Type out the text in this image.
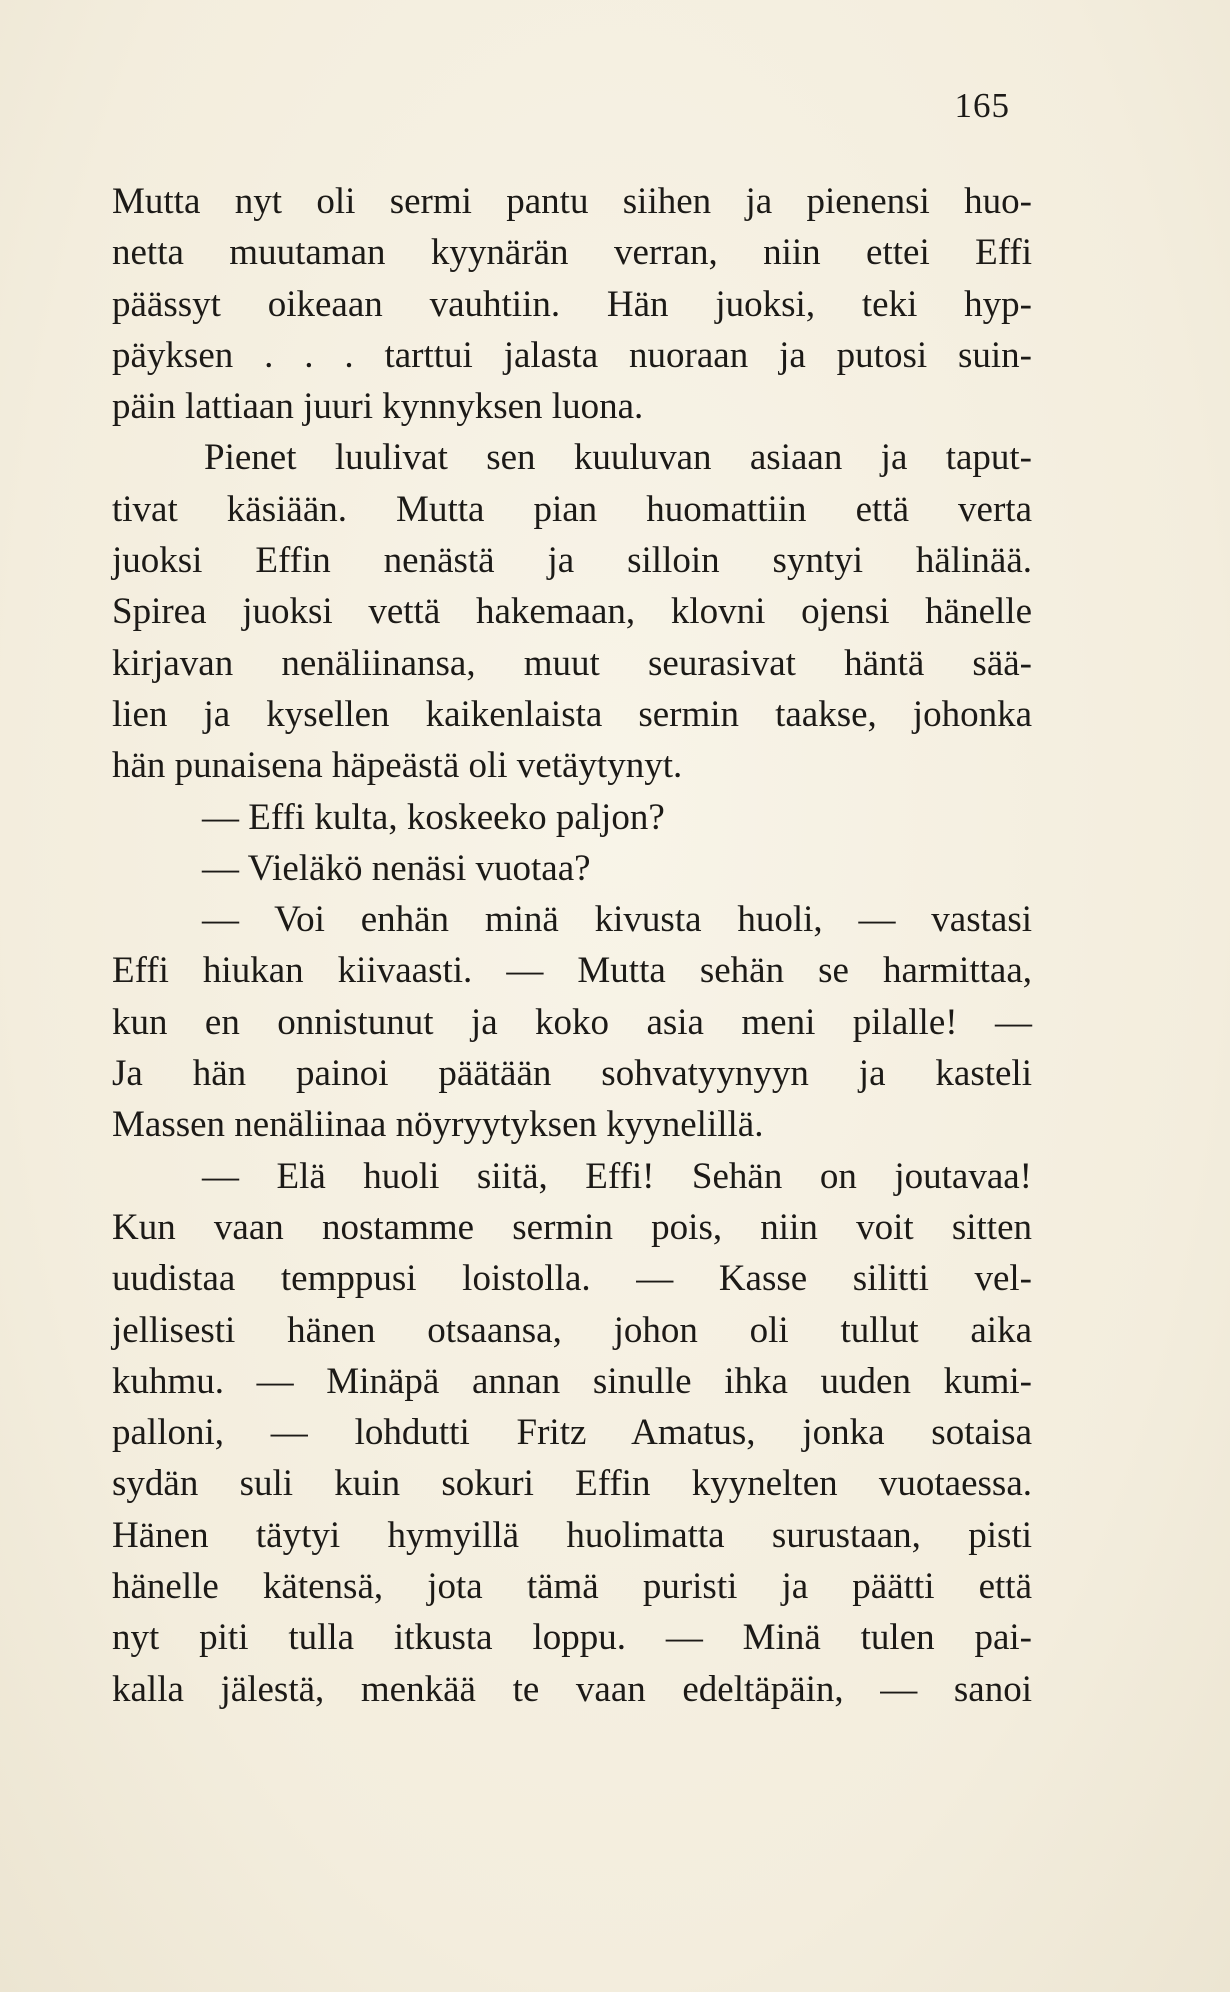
165
Mutta nyt oli sermi pantu siihen ja pienensi huo-
netta muutaman kyynärän verran, niin ettei Effi
päässyt oikeaan vauhtiin. Hän juoksi, teki hyp-
päyksen . . . tarttui jalasta nuoraan ja putosi suin-
päin lattiaan juuri kynnyksen luona.
Pienet luulivat sen kuuluvan asiaan ja taput-
tivat käsiään. Mutta pian huomattiin että verta
juoksi Effin nenästä ja silloin syntyi hälinää.
Spirea juoksi vettä hakemaan, klovni ojensi hänelle
kirjavan nenäliinansa, muut seurasivat häntä sää-
lien ja kysellen kaikenlaista sermin taakse, johonka
hän punaisena häpeästä oli vetäytynyt.
— Effi kulta, koskeeko paljon?
— Vieläkö nenäsi vuotaa?
— Voi enhän minä kivusta huoli, — vastasi
Effi hiukan kiivaasti. — Mutta sehän se harmittaa,
kun en onnistunut ja koko asia meni pilalle! —
Ja hän painoi päätään sohvatyynyyn ja kasteli
Massen nenäliinaa nöyryytyksen kyynelillä.
— Elä huoli siitä, Effi! Sehän on joutavaa!
Kun vaan nostamme sermin pois, niin voit sitten
uudistaa temppusi loistolla. — Kasse silitti vel-
jellisesti hänen otsaansa, johon oli tullut aika
kuhmu. — Minäpä annan sinulle ihka uuden kumi-
palloni, — lohdutti Fritz Amatus, jonka sotaisa
sydän suli kuin sokuri Effin kyynelten vuotaessa.
Hänen täytyi hymyillä huolimatta surustaan, pisti
hänelle kätensä, jota tämä puristi ja päätti että
nyt piti tulla itkusta loppu. — Minä tulen pai-
kalla jälestä, menkää te vaan edeltäpäin, — sanoi
